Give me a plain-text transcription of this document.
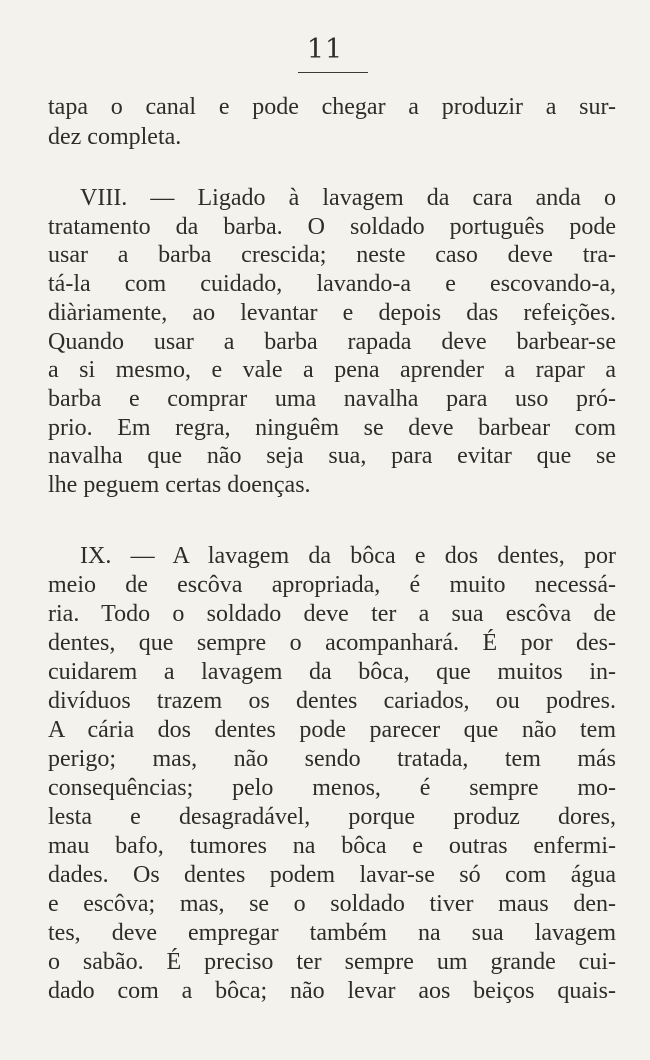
11
tapa o canal e pode chegar a produzir a sur-
dez completa.
VIII. — Ligado à lavagem da cara anda o
tratamento da barba. O soldado português pode
usar a barba crescida; neste caso deve tra-
tá-la com cuidado, lavando-a e escovando-a,
diàriamente, ao levantar e depois das refeições.
Quando usar a barba rapada deve barbear-se
a si mesmo, e vale a pena aprender a rapar a
barba e comprar uma navalha para uso pró-
prio. Em regra, ninguêm se deve barbear com
navalha que não seja sua, para evitar que se
lhe peguem certas doenças.
IX. — A lavagem da bôca e dos dentes, por
meio de escôva apropriada, é muito necessá-
ria. Todo o soldado deve ter a sua escôva de
dentes, que sempre o acompanhará. É por des-
cuidarem a lavagem da bôca, que muitos in-
divíduos trazem os dentes cariados, ou podres.
A cária dos dentes pode parecer que não tem
perigo; mas, não sendo tratada, tem más
consequências; pelo menos, é sempre mo-
lesta e desagradável, porque produz dores,
mau bafo, tumores na bôca e outras enfermi-
dades. Os dentes podem lavar-se só com água
e escôva; mas, se o soldado tiver maus den-
tes, deve empregar também na sua lavagem
o sabão. É preciso ter sempre um grande cui-
dado com a bôca; não levar aos beiços quais-
